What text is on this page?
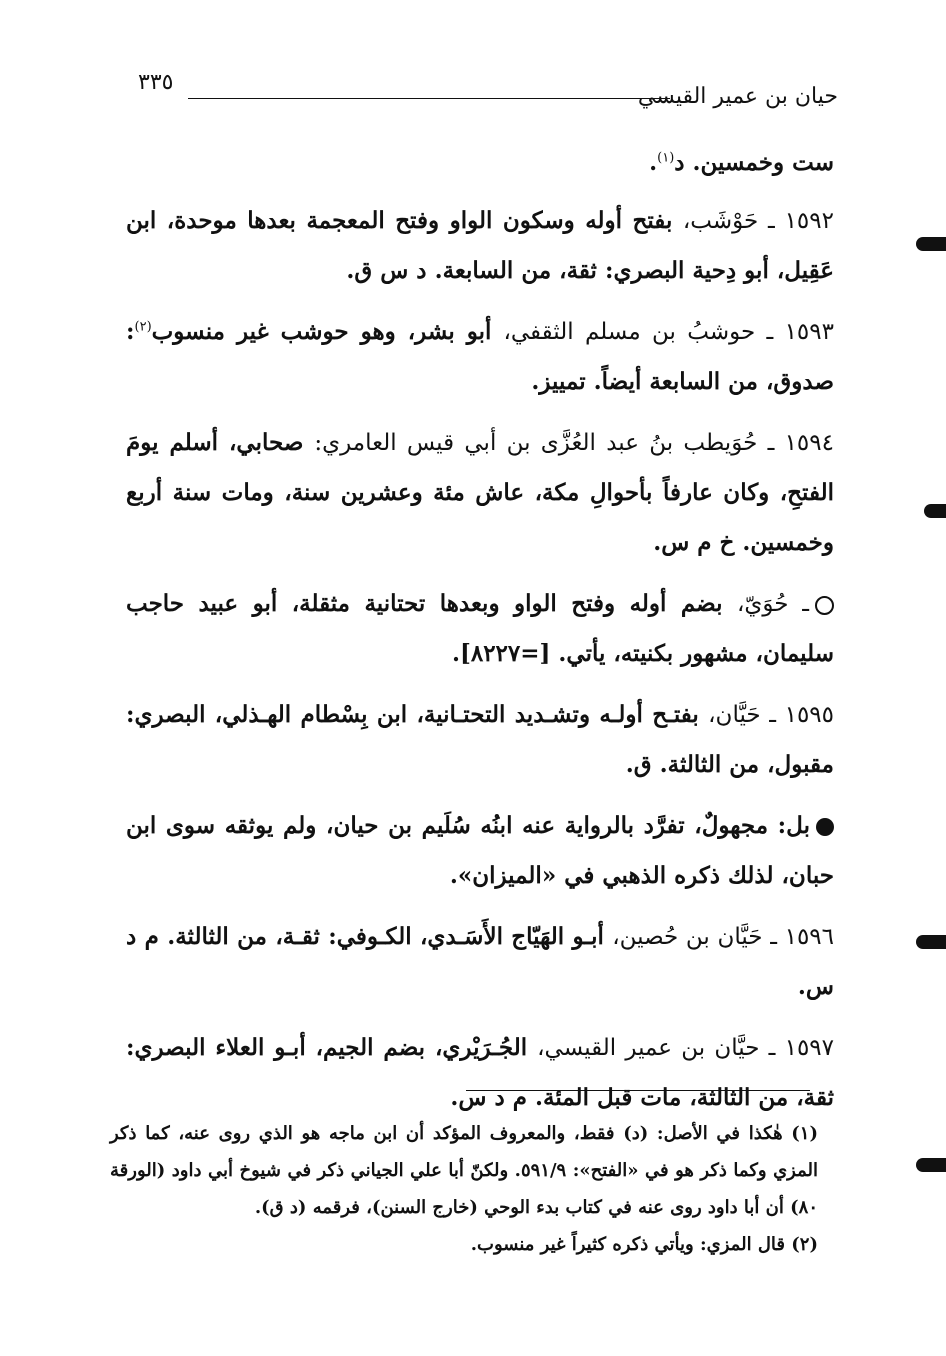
حيان بن عمير القيسي
٣٣٥

ست وخمسين. د$^{(١)}$.

١٥٩٢ ـ حَوْشَب، بفتح أوله وسكون الواو وفتح المعجمة بعدها موحدة، ابن عَقِيل، أبو دِحية البصري: ثقة، من السابعة. د س ق.

١٥٩٣ ـ حوشبُ بن مسلم الثقفي، أبو بشر، وهو حوشب غير منسوب$^{(٢)}$: صدوق، من السابعة أيضاً. تمييز.

١٥٩٤ ـ حُوَيطب بنُ عبد العُزَّى بن أبي قيس العامري: صحابي، أسلم يومَ الفتحِ، وكان عارفاً بأحوالِ مكة، عاش مئة وعشرين سنة، ومات سنة أربع وخمسين. خ م س.

ـ حُوَيّ، بضم أوله وفتح الواو وبعدها تحتانية مثقلة، أبو عبيد حاجب سليمان، مشهور بكنيته، يأتي. [=٨٢٢٧].

١٥٩٥ ـ حَيَّان، بفتـح أولـه وتشـديد التحتـانية، ابن بِسْطام الهـذلي، البصري: مقبول، من الثالثة. ق.

بل: مجهولٌ، تفرَّد بالرواية عنه ابنُه سُلَيم بن حيان، ولم يوثقه سوى ابن حبان، لذلك ذكره الذهبي في «الميزان».

١٥٩٦ ـ حَيَّان بن حُصين، أبـو الهَيّاج الأَسَـدي، الكـوفي: ثقـة، من الثالثة. م د س.

١٥٩٧ ـ حيَّان بن عمير القيسي، الجُـرَيْري، بضم الجيم، أبـو العلاء البصري: ثقة، من الثالثة، مات قبل المئة. م د س.

(١) هٰكذا في الأصل: (د) فقط، والمعروف المؤكد أن ابن ماجه هو الذي روى عنه، كما ذكر المزي وكما ذكر هو في «الفتح»: ٥٩١/٩. ولكنّ أبا علي الجياني ذكر في شيوخ أبي داود (الورقة ٨٠) أن أبا داود روى عنه في كتاب بدء الوحي (خارج السنن)، فرقمه (د ق).

(٢) قال المزي: ويأتي ذكره كثيراً غير منسوب.
